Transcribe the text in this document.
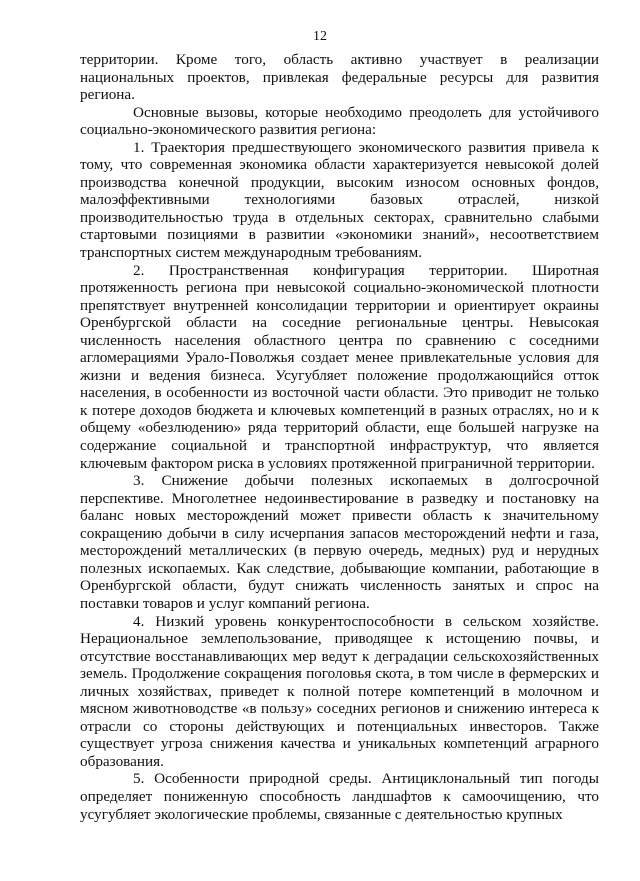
12

территории. Кроме того, область активно участвует в реализации национальных проектов, привлекая федеральные ресурсы для развития региона.

Основные вызовы, которые необходимо преодолеть для устойчивого социально-экономического развития региона:

1. Траектория предшествующего экономического развития привела к тому, что современная экономика области характеризуется невысокой долей производства конечной продукции, высоким износом основных фондов, малоэффективными технологиями базовых отраслей, низкой производительностью труда в отдельных секторах, сравнительно слабыми стартовыми позициями в развитии «экономики знаний», несоответствием транспортных систем международным требованиям.

2. Пространственная конфигурация территории. Широтная протяженность региона при невысокой социально-экономической плотности препятствует внутренней консолидации территории и ориентирует окраины Оренбургской области на соседние региональные центры. Невысокая численность населения областного центра по сравнению с соседними агломерациями Урало-Поволжья создает менее привлекательные условия для жизни и ведения бизнеса. Усугубляет положение продолжающийся отток населения, в особенности из восточной части области. Это приводит не только к потере доходов бюджета и ключевых компетенций в разных отраслях, но и к общему «обезлюдению» ряда территорий области, еще большей нагрузке на содержание социальной и транспортной инфраструктур, что является ключевым фактором риска в условиях протяженной приграничной территории.

3. Снижение добычи полезных ископаемых в долгосрочной перспективе. Многолетнее недоинвестирование в разведку и постановку на баланс новых месторождений может привести область к значительному сокращению добычи в силу исчерпания запасов месторождений нефти и газа, месторождений металлических (в первую очередь, медных) руд и нерудных полезных ископаемых. Как следствие, добывающие компании, работающие в Оренбургской области, будут снижать численность занятых и спрос на поставки товаров и услуг компаний региона.

4. Низкий уровень конкурентоспособности в сельском хозяйстве. Нерациональное землепользование, приводящее к истощению почвы, и отсутствие восстанавливающих мер ведут к деградации сельскохозяйственных земель. Продолжение сокращения поголовья скота, в том числе в фермерских и личных хозяйствах, приведет к полной потере компетенций в молочном и мясном животноводстве «в пользу» соседних регионов и снижению интереса к отрасли со стороны действующих и потенциальных инвесторов. Также существует угроза снижения качества и уникальных компетенций аграрного образования.

5. Особенности природной среды. Антициклональный тип погоды определяет пониженную способность ландшафтов к самоочищению, что усугубляет экологические проблемы, связанные с деятельностью крупных
